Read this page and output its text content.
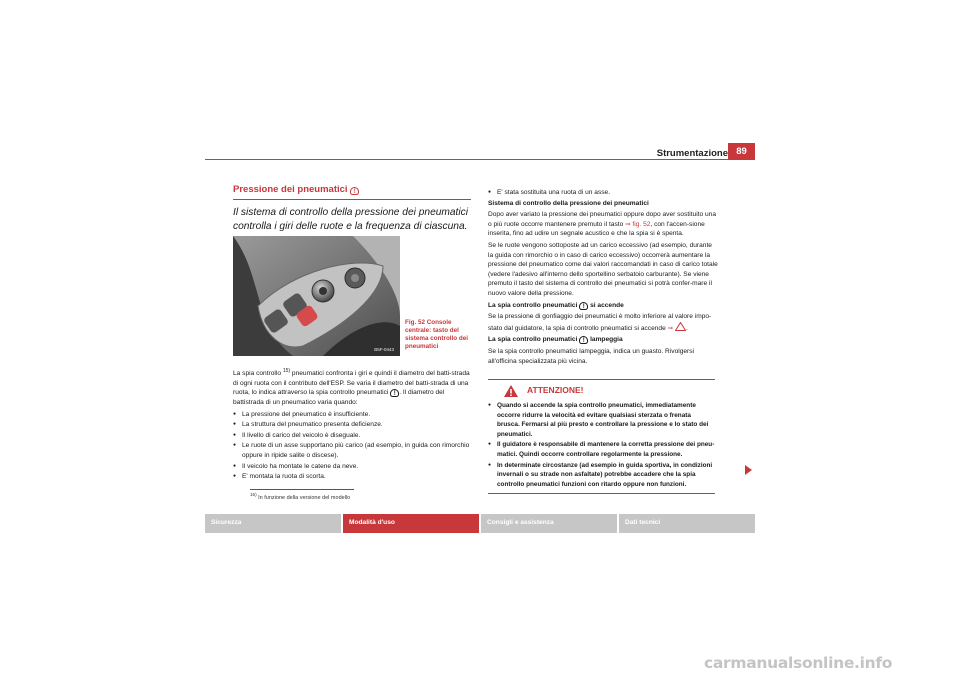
Strumentazione 89
Pressione dei pneumatici !
Il sistema di controllo della pressione dei pneumatici controlla i giri delle ruote e la frequenza di ciascuna.
B5F-0443
Fig. 52 Console centrale: tasto del sistema controllo dei pneumatici

La spia controllo $^{15)}$ pneumatici confronta i giri e quindi il diametro del batti-strada di ogni ruota con il contributo dell'ESP. Se varia il diametro del batti-strada di una ruota, lo indica attraverso la spia controllo pneumatici ! . Il diametro del battistrada di un pneumatico varia quando:

● La pressione del pneumatico è insufficiente.

● La struttura del pneumatico presenta deficienze.

● Il livello di carico del veicolo è diseguale.

● Le ruote di un asse supportano più carico (ad esempio, in guida con rimorchio oppure in ripide salite o discese).

● Il veicolo ha montate le catene da neve.

● E' montata la ruota di scorta.

● E' stata sostituita una ruota di un asse.

Sistema di controllo della pressione dei pneumatici

Dopo aver variato la pressione dei pneumatici oppure dopo aver sostituito una o più ruote occorre mantenere premuto il tasto ⇒ fig. 52, con l'accen-sione inserita, fino ad udire un segnale acustico e che la spia si è spenta.

Se le ruote vengono sottoposte ad un carico eccessivo (ad esempio, durante la guida con rimorchio o in caso di carico eccessivo) occorrerà aumentare la pressione del pneumatico come dai valori raccomandati in caso di carico totale (vedere l'adesivo all'interno dello sportellino serbatoio carburante). Se viene premuto il tasto del sistema di controllo dei pneumatici si potrà confer-mare il nuovo valore della pressione.

La spia controllo pneumatici ! si accende

Se la pressione di gonfiaggio dei pneumatici è molto inferiore al valore impo-stato dal guidatore, la spia di controllo pneumatici si accende ⇒ .

La spia controllo pneumatici ! lampeggia

Se la spia controllo pneumatici lampeggia, indica un guasto. Rivolgersi all'officina specializzata più vicina.

ATTENZIONE!

● Quando si accende la spia controllo pneumatici, immediatamente occorre ridurre la velocità ed evitare qualsiasi sterzata o frenata brusca. Fermarsi al più presto e controllare la pressione e lo stato dei pneumatici.

● Il guidatore è responsabile di mantenere la corretta pressione dei pneu-matici. Quindi occorre controllare regolarmente la pressione.

● In determinate circostanze (ad esempio in guida sportiva, in condizioni invernali o su strade non asfaltate) potrebbe accadere che la spia controllo pneumatici funzioni con ritardo oppure non funzioni.

$^{15)}$ In funzione della versione del modello
Sicurezza	Modalità d'uso	Consigli e assistenza	Dati tecnici
carmanualsonline.info
